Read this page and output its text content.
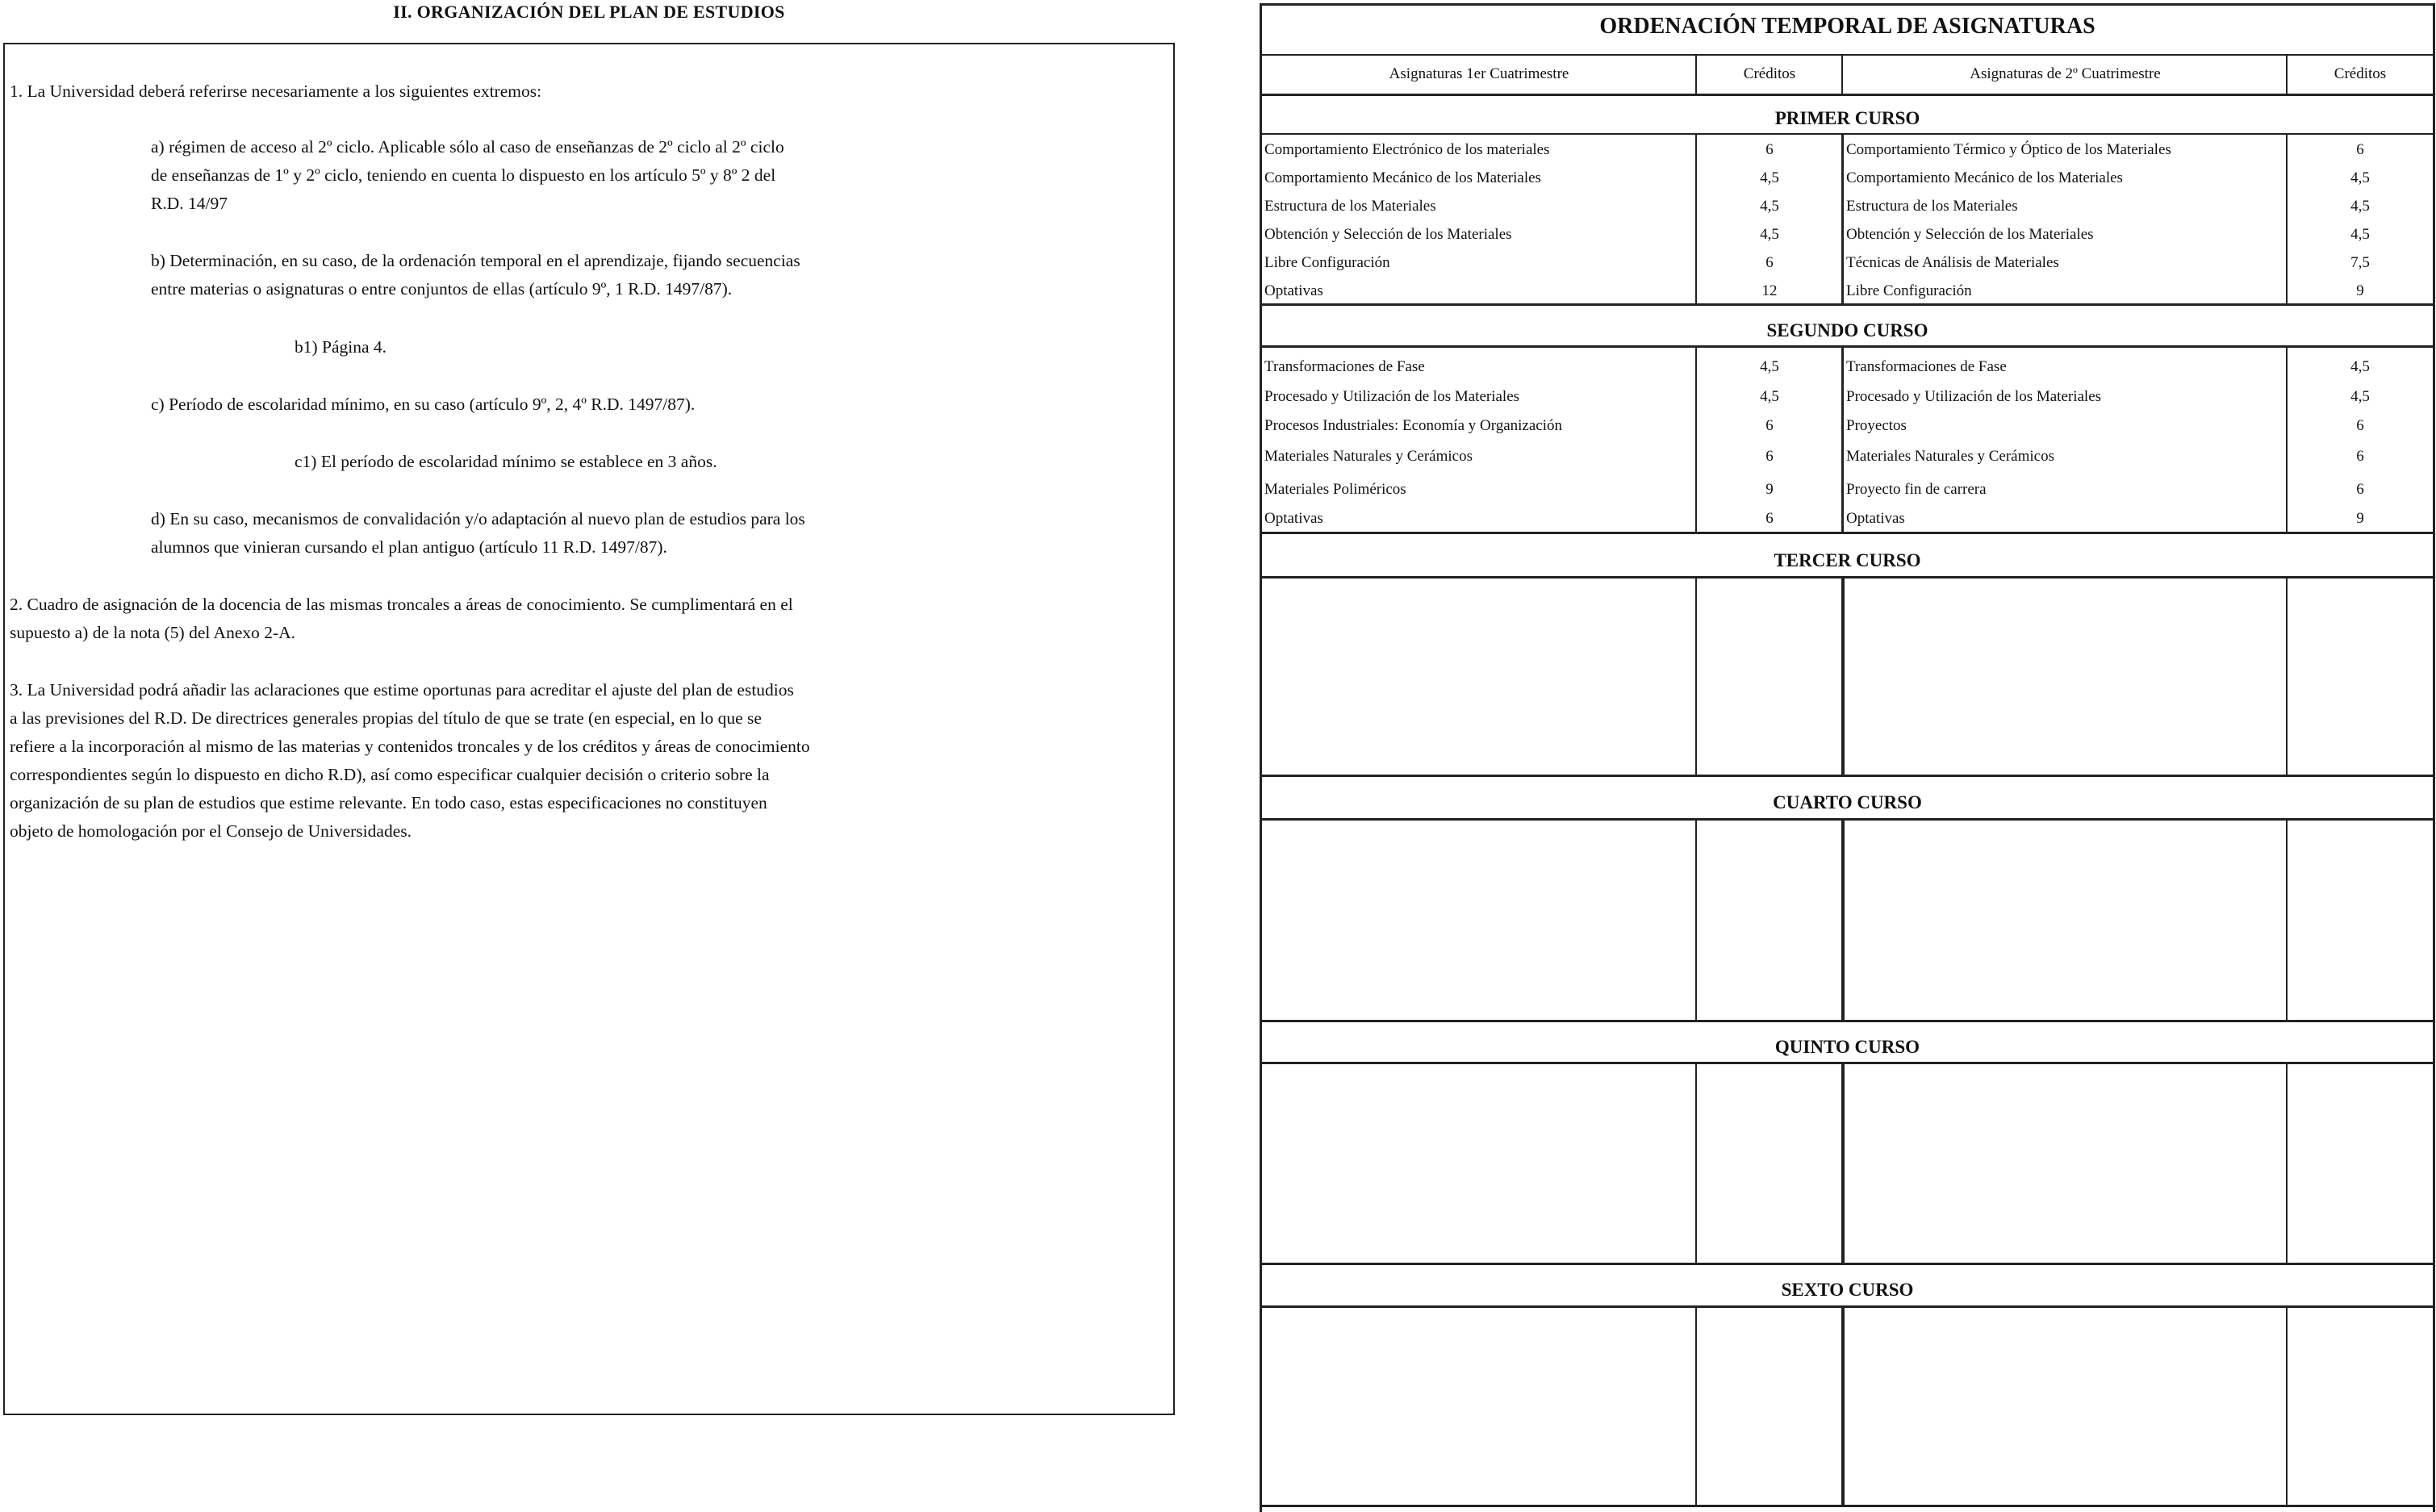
II. ORGANIZACIÓN DEL PLAN DE ESTUDIOS
1. La Universidad deberá referirse necesariamente a los siguientes extremos:
a) régimen de acceso al 2º ciclo. Aplicable sólo al caso de enseñanzas de 2º ciclo al 2º ciclo
de enseñanzas de 1º y 2º ciclo, teniendo en cuenta lo dispuesto en los artículo 5º y 8º 2 del
R.D. 14/97
b) Determinación, en su caso, de la ordenación temporal en el aprendizaje, fijando secuencias
entre materias o asignaturas o entre conjuntos de ellas (artículo 9º, 1 R.D. 1497/87).
b1) Página 4.
c) Período de escolaridad mínimo, en su caso (artículo 9º, 2, 4º R.D. 1497/87).
c1) El período de escolaridad mínimo se establece en 3 años.
d) En su caso, mecanismos de convalidación y/o adaptación al nuevo plan de estudios para los
alumnos que vinieran cursando el plan antiguo (artículo 11 R.D. 1497/87).
2. Cuadro de asignación de la docencia de las mismas troncales a áreas de conocimiento. Se cumplimentará en el
supuesto a) de la nota (5) del Anexo 2-A.
3. La Universidad podrá añadir las aclaraciones que estime oportunas para acreditar el ajuste del plan de estudios
a las previsiones del R.D. De directrices generales propias del título de que se trate (en especial, en lo que se
refiere a la incorporación al mismo de las materias y contenidos troncales y de los créditos y áreas de conocimiento
correspondientes según lo dispuesto en dicho R.D), así como especificar cualquier decisión o criterio sobre la
organización de su plan de estudios que estime relevante. En todo caso, estas especificaciones no constituyen
objeto de homologación por el Consejo de Universidades.
ORDENACIÓN TEMPORAL DE ASIGNATURAS
Asignaturas 1er Cuatrimestre	Créditos	Asignaturas de 2º Cuatrimestre	Créditos
PRIMER CURSO
Comportamiento Electrónico de los materiales	6	Comportamiento Térmico y Óptico de los Materiales	6
Comportamiento Mecánico de los Materiales	4,5	Comportamiento Mecánico de los Materiales	4,5
Estructura de los Materiales	4,5	Estructura de los Materiales	4,5
Obtención y Selección de los Materiales	4,5	Obtención y Selección de los Materiales	4,5
Libre Configuración	6	Técnicas de Análisis de Materiales	7,5
Optativas	12	Libre Configuración	9
SEGUNDO CURSO
Transformaciones de Fase	4,5	Transformaciones de Fase	4,5
Procesado y Utilización de los Materiales	4,5	Procesado y Utilización de los Materiales	4,5
Procesos Industriales: Economía y Organización	6	Proyectos	6
Materiales Naturales y Cerámicos	6	Materiales Naturales y Cerámicos	6
Materiales Poliméricos	9	Proyecto fin de carrera	6
Optativas	6	Optativas	9
TERCER CURSO
CUARTO CURSO
QUINTO CURSO
SEXTO CURSO
